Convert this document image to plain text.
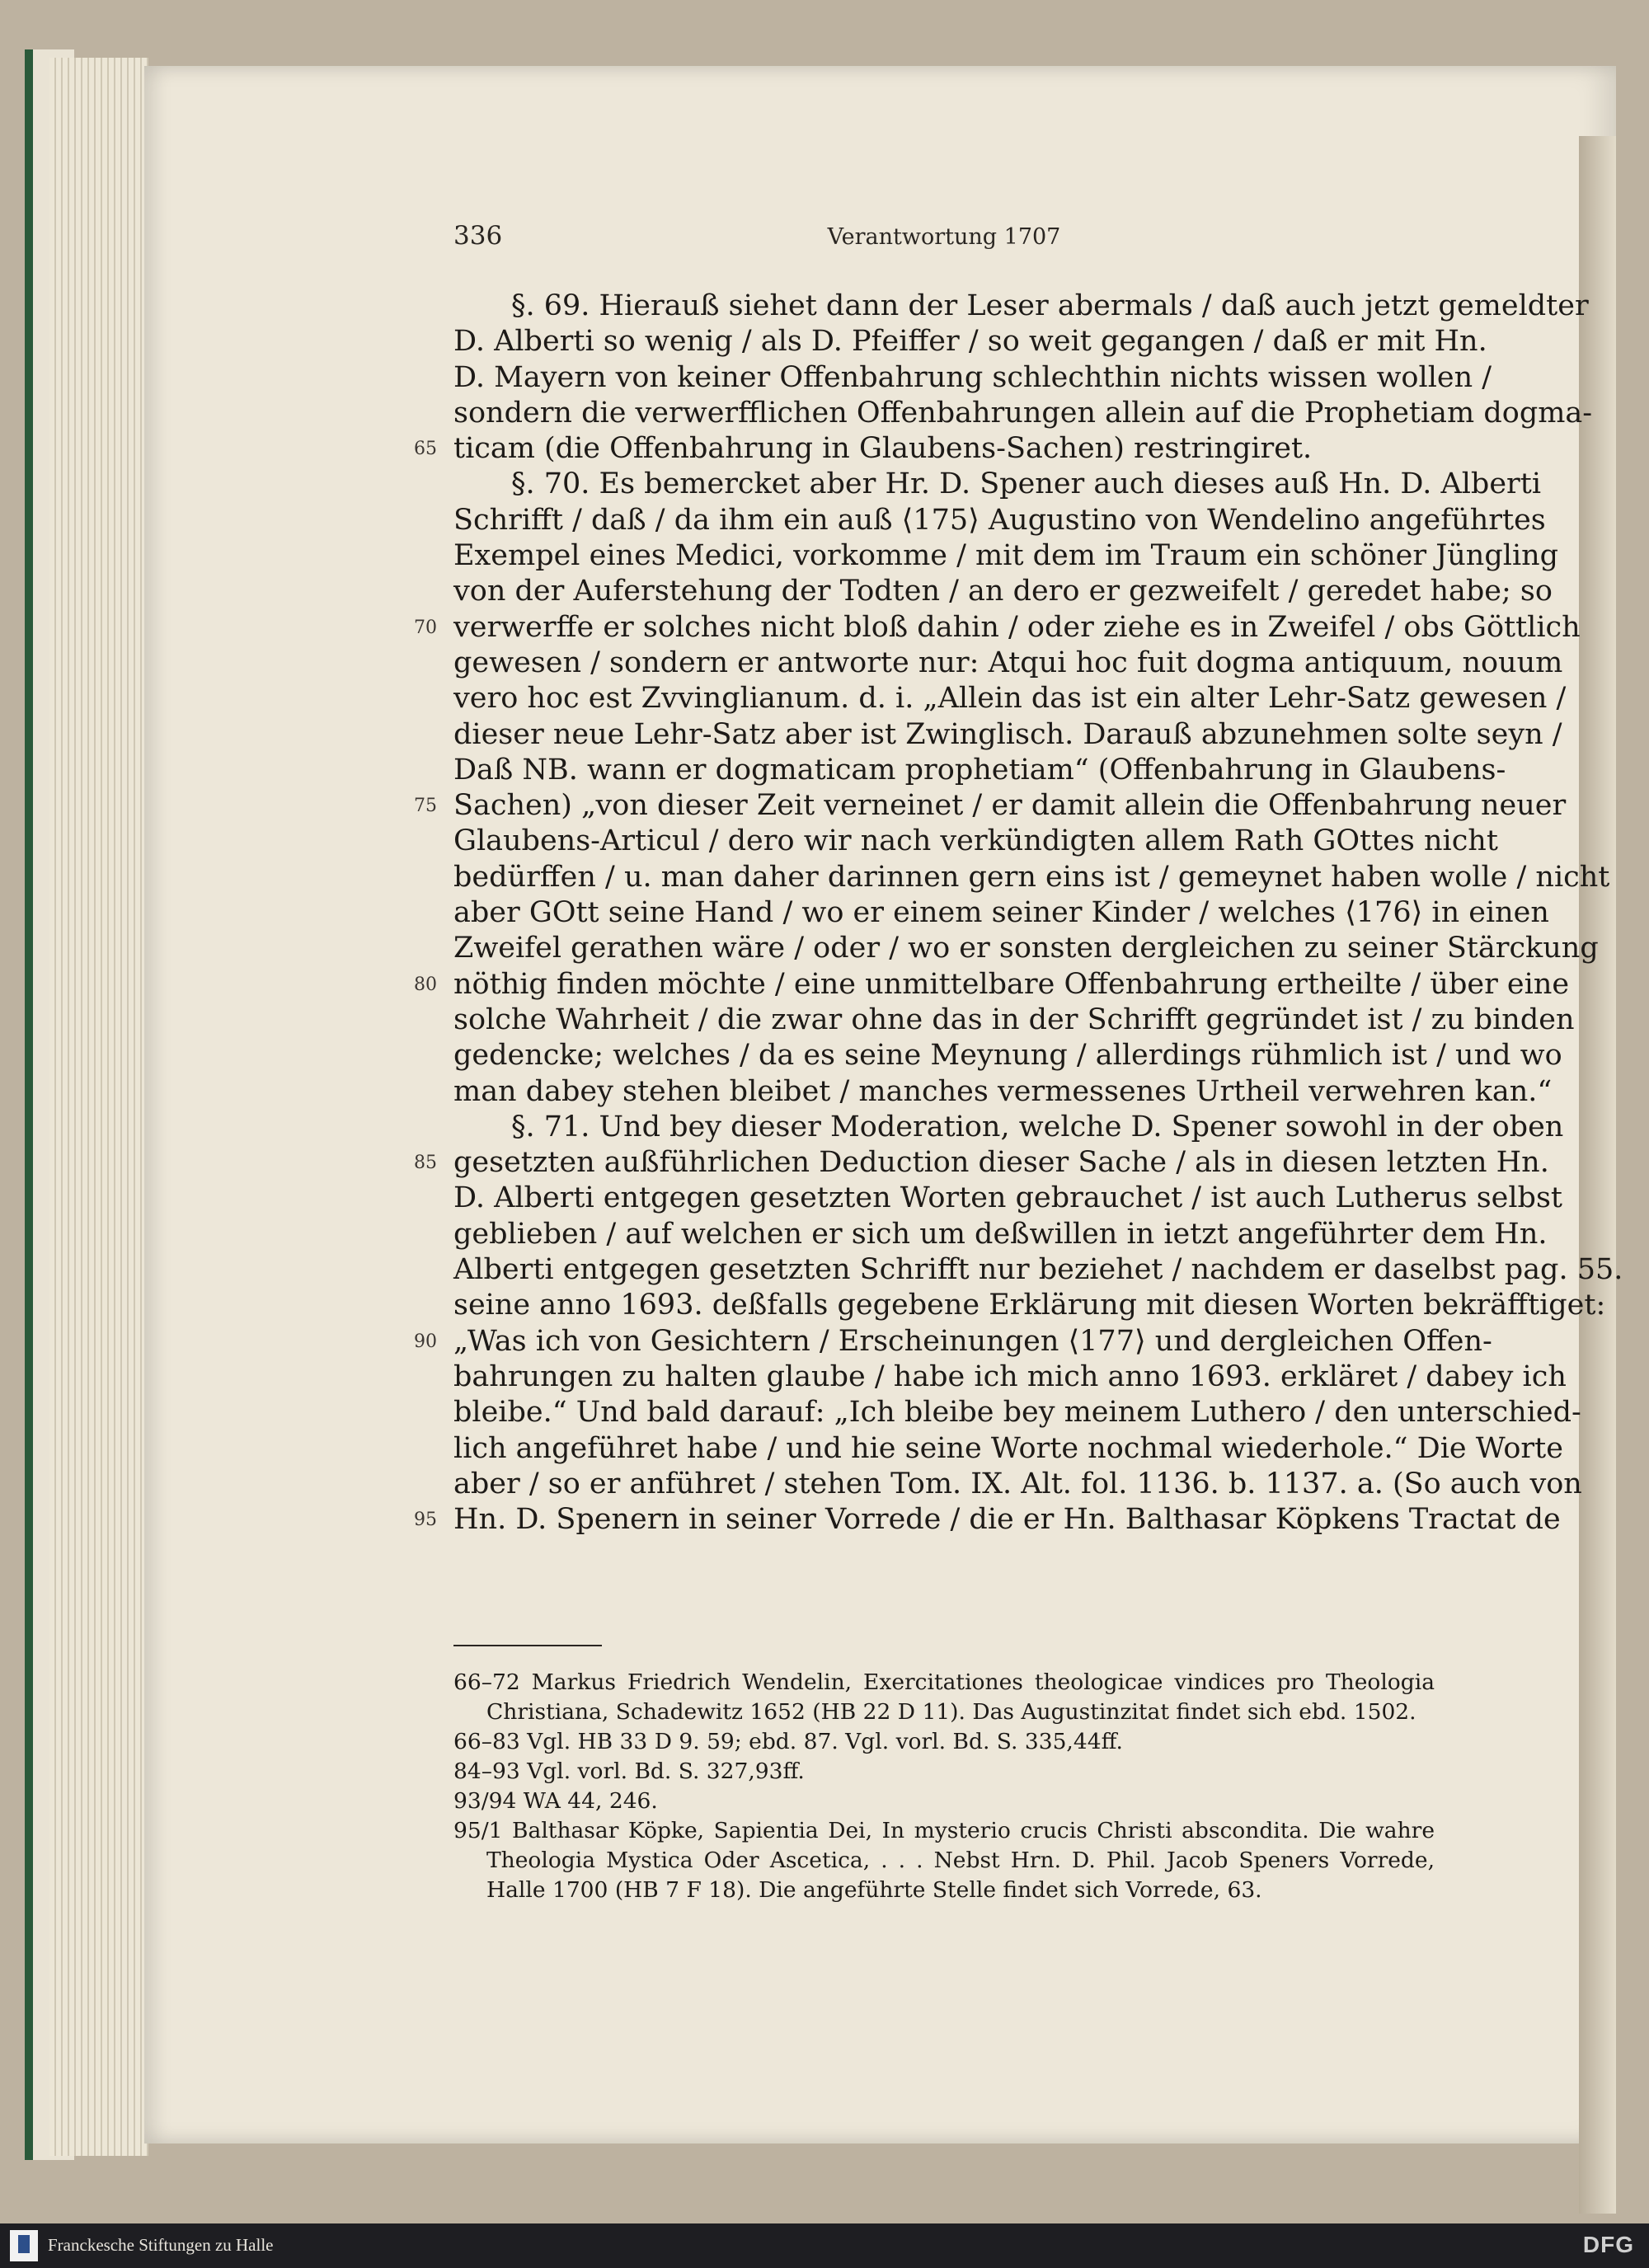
336	Verantwortung 1707
§. 69. Hierauß siehet dann der Leser abermals / daß auch jetzt gemeldter
D. Alberti so wenig / als D. Pfeiffer / so weit gegangen / daß er mit Hn.
D. Mayern von keiner Offenbahrung schlechthin nichts wissen wollen /
sondern die verwerfflichen Offenbahrungen allein auf die Prophetiam dogma-
65 ticam (die Offenbahrung in Glaubens-Sachen) restringiret.
§. 70. Es bemercket aber Hr. D. Spener auch dieses auß Hn. D. Alberti
Schrifft / daß / da ihm ein auß ⟨175⟩ Augustino von Wendelino angeführtes
Exempel eines Medici, vorkomme / mit dem im Traum ein schöner Jüngling
von der Auferstehung der Todten / an dero er gezweifelt / geredet habe; so
70 verwerffe er solches nicht bloß dahin / oder ziehe es in Zweifel / obs Göttlich
gewesen / sondern er antworte nur: Atqui hoc fuit dogma antiquum, nouum
vero hoc est Zvvinglianum. d. i. „Allein das ist ein alter Lehr-Satz gewesen /
dieser neue Lehr-Satz aber ist Zwinglisch. Darauß abzunehmen solte seyn /
Daß NB. wann er dogmaticam prophetiam“ (Offenbahrung in Glaubens-
75 Sachen) „von dieser Zeit verneinet / er damit allein die Offenbahrung neuer
Glaubens-Articul / dero wir nach verkündigten allem Rath GOttes nicht
bedürffen / u. man daher darinnen gern eins ist / gemeynet haben wolle / nicht
aber GOtt seine Hand / wo er einem seiner Kinder / welches ⟨176⟩ in einen
Zweifel gerathen wäre / oder / wo er sonsten dergleichen zu seiner Stärckung
80 nöthig finden möchte / eine unmittelbare Offenbahrung ertheilte / über eine
solche Wahrheit / die zwar ohne das in der Schrifft gegründet ist / zu binden
gedencke; welches / da es seine Meynung / allerdings rühmlich ist / und wo
man dabey stehen bleibet / manches vermessenes Urtheil verwehren kan.“
§. 71. Und bey dieser Moderation, welche D. Spener sowohl in der oben
85 gesetzten außführlichen Deduction dieser Sache / als in diesen letzten Hn.
D. Alberti entgegen gesetzten Worten gebrauchet / ist auch Lutherus selbst
geblieben / auf welchen er sich um deßwillen in ietzt angeführter dem Hn.
Alberti entgegen gesetzten Schrifft nur beziehet / nachdem er daselbst pag. 55.
seine anno 1693. deßfalls gegebene Erklärung mit diesen Worten bekräfftiget:
90 „Was ich von Gesichtern / Erscheinungen ⟨177⟩ und dergleichen Offen-
bahrungen zu halten glaube / habe ich mich anno 1693. erkläret / dabey ich
bleibe.“ Und bald darauf: „Ich bleibe bey meinem Luthero / den unterschied-
lich angeführet habe / und hie seine Worte nochmal wiederhole.“ Die Worte
aber / so er anführet / stehen Tom. IX. Alt. fol. 1136. b. 1137. a. (So auch von
95 Hn. D. Spenern in seiner Vorrede / die er Hn. Balthasar Köpkens Tractat de
66–72 Markus Friedrich Wendelin, Exercitationes theologicae vindices pro Theologia Christiana, Schadewitz 1652 (HB 22 D 11). Das Augustinzitat findet sich ebd. 1502.
66–83 Vgl. HB 33 D 9. 59; ebd. 87. Vgl. vorl. Bd. S. 335,44ff.
84–93 Vgl. vorl. Bd. S. 327,93ff.
93/94 WA 44, 246.
95/1 Balthasar Köpke, Sapientia Dei, In mysterio crucis Christi abscondita. Die wahre Theologia Mystica Oder Ascetica, . . . Nebst Hrn. D. Phil. Jacob Speners Vorrede, Halle 1700 (HB 7 F 18). Die angeführte Stelle findet sich Vorrede, 63.
Franckesche Stiftungen zu Halle	DFG
